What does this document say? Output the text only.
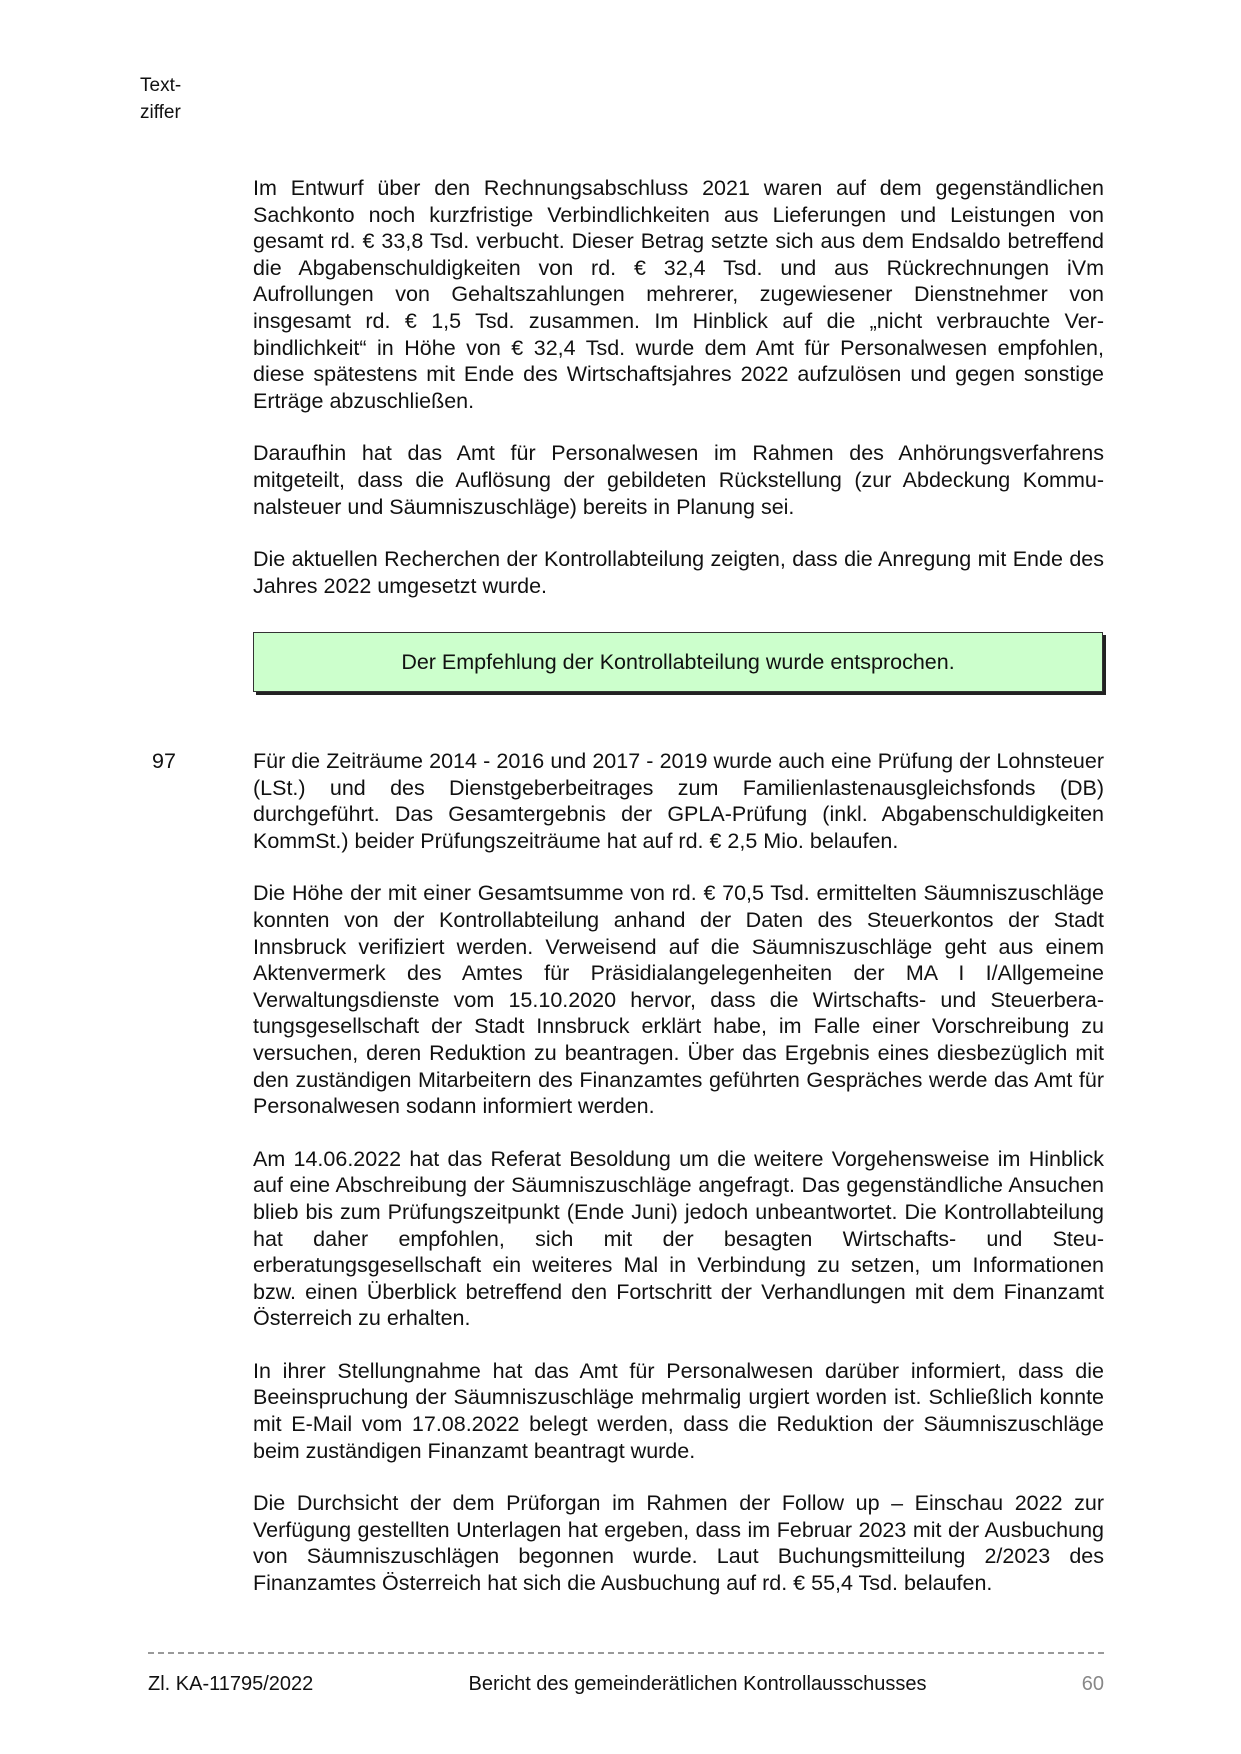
Text-
ziffer

Im Entwurf über den Rechnungsabschluss 2021 waren auf dem gegenständlichen Sachkonto noch kurzfristige Verbindlichkeiten aus Lieferungen und Leistungen von gesamt rd. € 33,8 Tsd. verbucht. Dieser Betrag setzte sich aus dem Endsaldo betreffend die Abgabenschuldigkeiten von rd. € 32,4 Tsd. und aus Rückrechnungen iVm Aufrollungen von Gehaltszahlungen mehrerer, zugewiesener Dienstnehmer von insgesamt rd. € 1,5 Tsd. zusammen. Im Hinblick auf die „nicht verbrauchte Verbindlichkeit“ in Höhe von € 32,4 Tsd. wurde dem Amt für Personalwesen empfohlen, diese spätestens mit Ende des Wirtschaftsjahres 2022 aufzulösen und gegen sonstige Erträge abzuschließen.

Daraufhin hat das Amt für Personalwesen im Rahmen des Anhörungsverfahrens mitgeteilt, dass die Auflösung der gebildeten Rückstellung (zur Abdeckung Kommunalsteuer und Säumniszuschläge) bereits in Planung sei.

Die aktuellen Recherchen der Kontrollabteilung zeigten, dass die Anregung mit Ende des Jahres 2022 umgesetzt wurde.

Der Empfehlung der Kontrollabteilung wurde entsprochen.
97	Für die Zeiträume 2014 - 2016 und 2017 - 2019 wurde auch eine Prüfung der Lohnsteuer (LSt.) und des Dienstgeberbeitrages zum Familienlastenausgleichsfonds (DB) durchgeführt. Das Gesamtergebnis der GPLA-Prüfung (inkl. Abgabenschuldigkeiten KommSt.) beider Prüfungszeiträume hat auf rd. € 2,5 Mio. belaufen.

Die Höhe der mit einer Gesamtsumme von rd. € 70,5 Tsd. ermittelten Säumniszuschläge konnten von der Kontrollabteilung anhand der Daten des Steuerkontos der Stadt Innsbruck verifiziert werden. Verweisend auf die Säumniszuschläge geht aus einem Aktenvermerk des Amtes für Präsidialangelegenheiten der MA I I/Allgemeine Verwaltungsdienste vom 15.10.2020 hervor, dass die Wirtschafts- und Steuerberatungsgesellschaft der Stadt Innsbruck erklärt habe, im Falle einer Vorschreibung zu versuchen, deren Reduktion zu beantragen. Über das Ergebnis eines diesbezüglich mit den zuständigen Mitarbeitern des Finanzamtes geführten Gespräches werde das Amt für Personalwesen sodann informiert werden.

Am 14.06.2022 hat das Referat Besoldung um die weitere Vorgehensweise im Hinblick auf eine Abschreibung der Säumniszuschläge angefragt. Das gegenständliche Ansuchen blieb bis zum Prüfungszeitpunkt (Ende Juni) jedoch unbeantwortet. Die Kontrollabteilung hat daher empfohlen, sich mit der besagten Wirtschafts- und Steuerberatungsgesellschaft ein weiteres Mal in Verbindung zu setzen, um Informationen bzw. einen Überblick betreffend den Fortschritt der Verhandlungen mit dem Finanzamt Österreich zu erhalten.

In ihrer Stellungnahme hat das Amt für Personalwesen darüber informiert, dass die Beeinspruchung der Säumniszuschläge mehrmalig urgiert worden ist. Schließlich konnte mit E-Mail vom 17.08.2022 belegt werden, dass die Reduktion der Säumniszuschläge beim zuständigen Finanzamt beantragt wurde.

Die Durchsicht der dem Prüforgan im Rahmen der Follow up – Einschau 2022 zur Verfügung gestellten Unterlagen hat ergeben, dass im Februar 2023 mit der Ausbuchung von Säumniszuschlägen begonnen wurde. Laut Buchungsmitteilung 2/2023 des Finanzamtes Österreich hat sich die Ausbuchung auf rd. € 55,4 Tsd. belaufen.

Zl. KA-11795/2022	Bericht des gemeinderätlichen Kontrollausschusses	60
